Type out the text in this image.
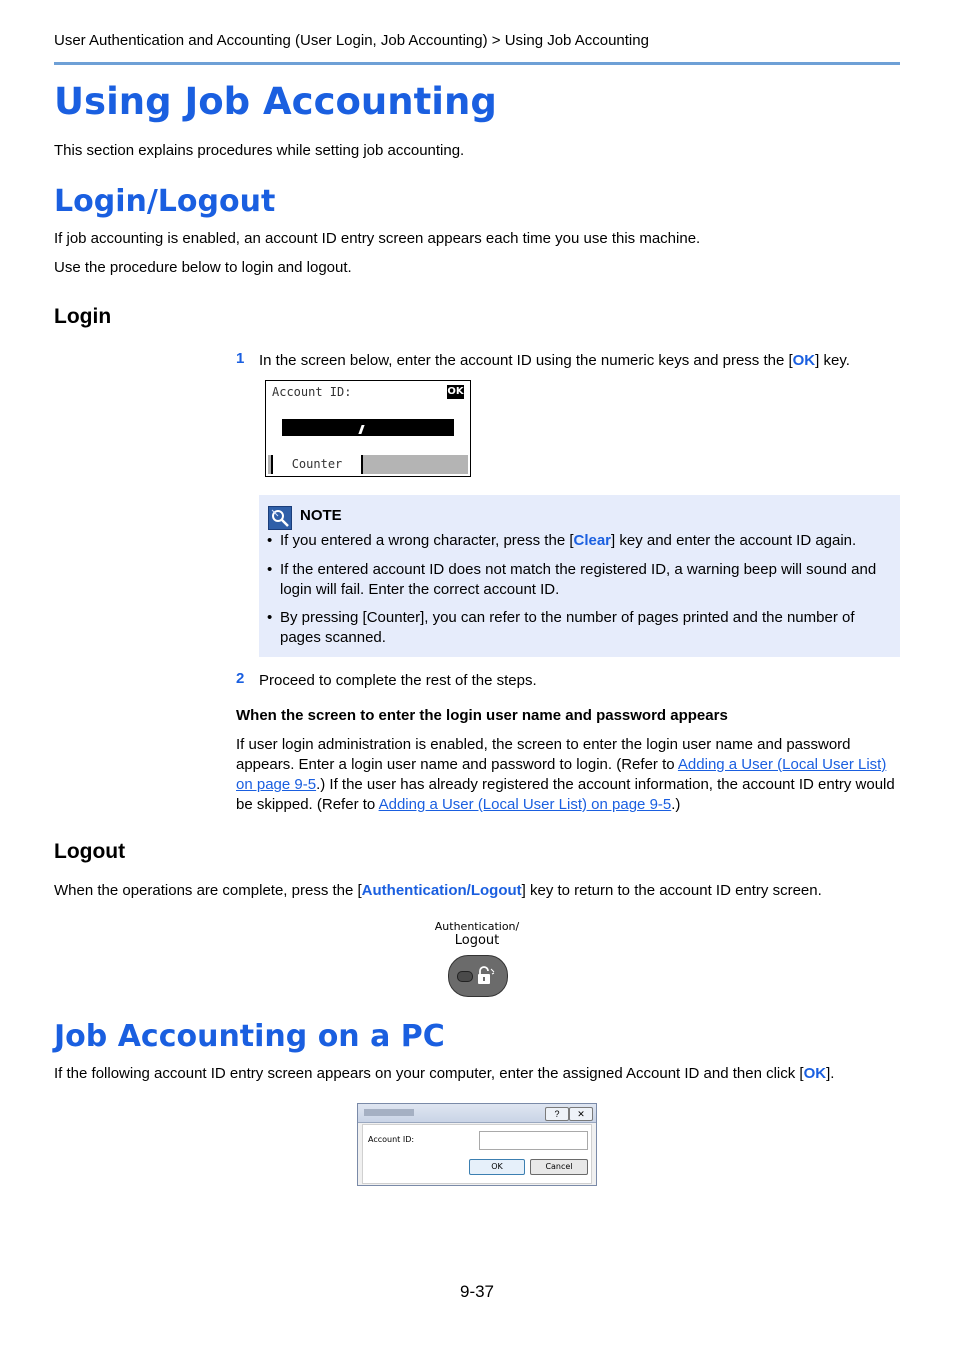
User Authentication and Accounting (User Login, Job Accounting) > Using Job Accounting
Using Job Accounting
This section explains procedures while setting job accounting.
Login/Logout
If job accounting is enabled, an account ID entry screen appears each time you use this machine.
Use the procedure below to login and logout.
Login
1 In the screen below, enter the account ID using the numeric keys and press the [OK] key.
Account ID:	OK
Counter
NOTE
• If you entered a wrong character, press the [Clear] key and enter the account ID again.
• If the entered account ID does not match the registered ID, a warning beep will sound and login will fail. Enter the correct account ID.
• By pressing [Counter], you can refer to the number of pages printed and the number of pages scanned.
2 Proceed to complete the rest of the steps.
When the screen to enter the login user name and password appears
If user login administration is enabled, the screen to enter the login user name and password appears. Enter a login user name and password to login. (Refer to Adding a User (Local User List) on page 9-5.) If the user has already registered the account information, the account ID entry would be skipped. (Refer to Adding a User (Local User List) on page 9-5.)
Logout
When the operations are complete, press the [Authentication/Logout] key to return to the account ID entry screen.
Authentication/
Logout
Job Accounting on a PC
If the following account ID entry screen appears on your computer, enter the assigned Account ID and then click [OK].
?	✕
Account ID:
OK	Cancel
9-37
